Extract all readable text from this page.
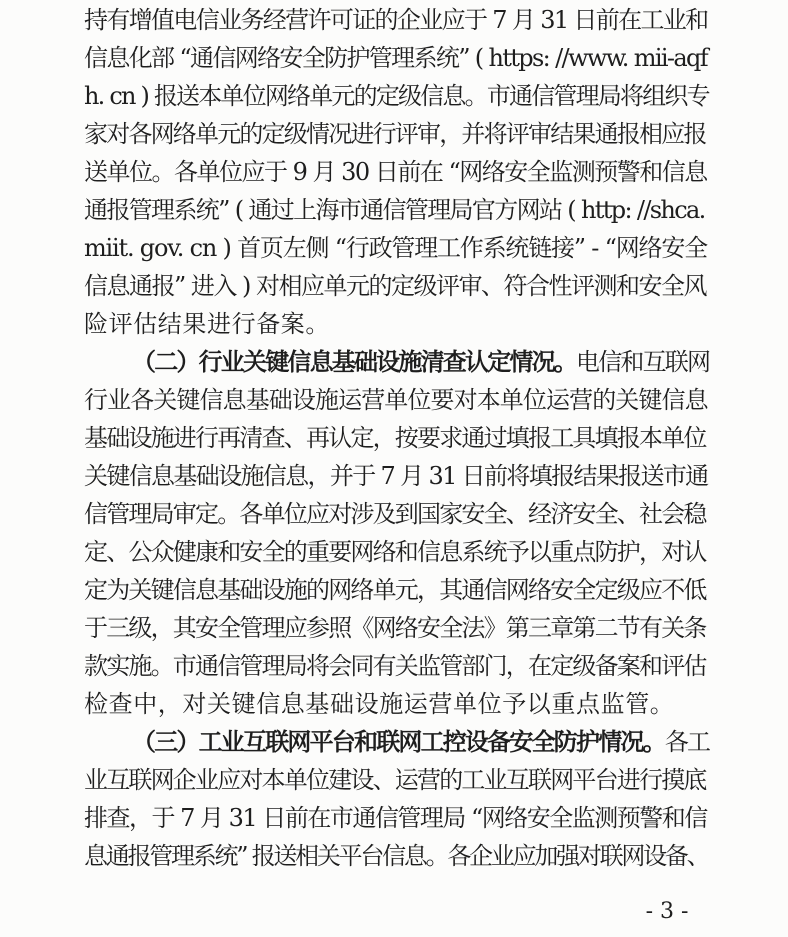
持有增值电信业务经营许可证的企业应于 7 月 31 日前在工业和
信息化部 “通信网络安全防护管理系统” ( https: //www. mii-aqf
h. cn ) 报送本单位网络单元的定级信息。市通信管理局将组织专
家对各网络单元的定级情况进行评审，并将评审结果通报相应报
送单位。各单位应于 9 月 30 日前在 “网络安全监测预警和信息
通报管理系统” ( 通过上海市通信管理局官方网站 ( http: //shca.
miit. gov. cn ) 首页左侧 “行政管理工作系统链接” - “网络安全
信息通报” 进入 ) 对相应单元的定级评审、符合性评测和安全风
险评估结果进行备案。
（二）行业关键信息基础设施清查认定情况。电信和互联网
行业各关键信息基础设施运营单位要对本单位运营的关键信息
基础设施进行再清查、再认定，按要求通过填报工具填报本单位
关键信息基础设施信息，并于 7 月 31 日前将填报结果报送市通
信管理局审定。各单位应对涉及到国家安全、经济安全、社会稳
定、公众健康和安全的重要网络和信息系统予以重点防护，对认
定为关键信息基础设施的网络单元，其通信网络安全定级应不低
于三级，其安全管理应参照《网络安全法》第三章第二节有关条
款实施。市通信管理局将会同有关监管部门，在定级备案和评估
检查中，对关键信息基础设施运营单位予以重点监管。
（三）工业互联网平台和联网工控设备安全防护情况。各工
业互联网企业应对本单位建设、运营的工业互联网平台进行摸底
排查，于 7 月 31 日前在市通信管理局 “网络安全监测预警和信
息通报管理系统” 报送相关平台信息。各企业应加强对联网设备、
- 3 -
